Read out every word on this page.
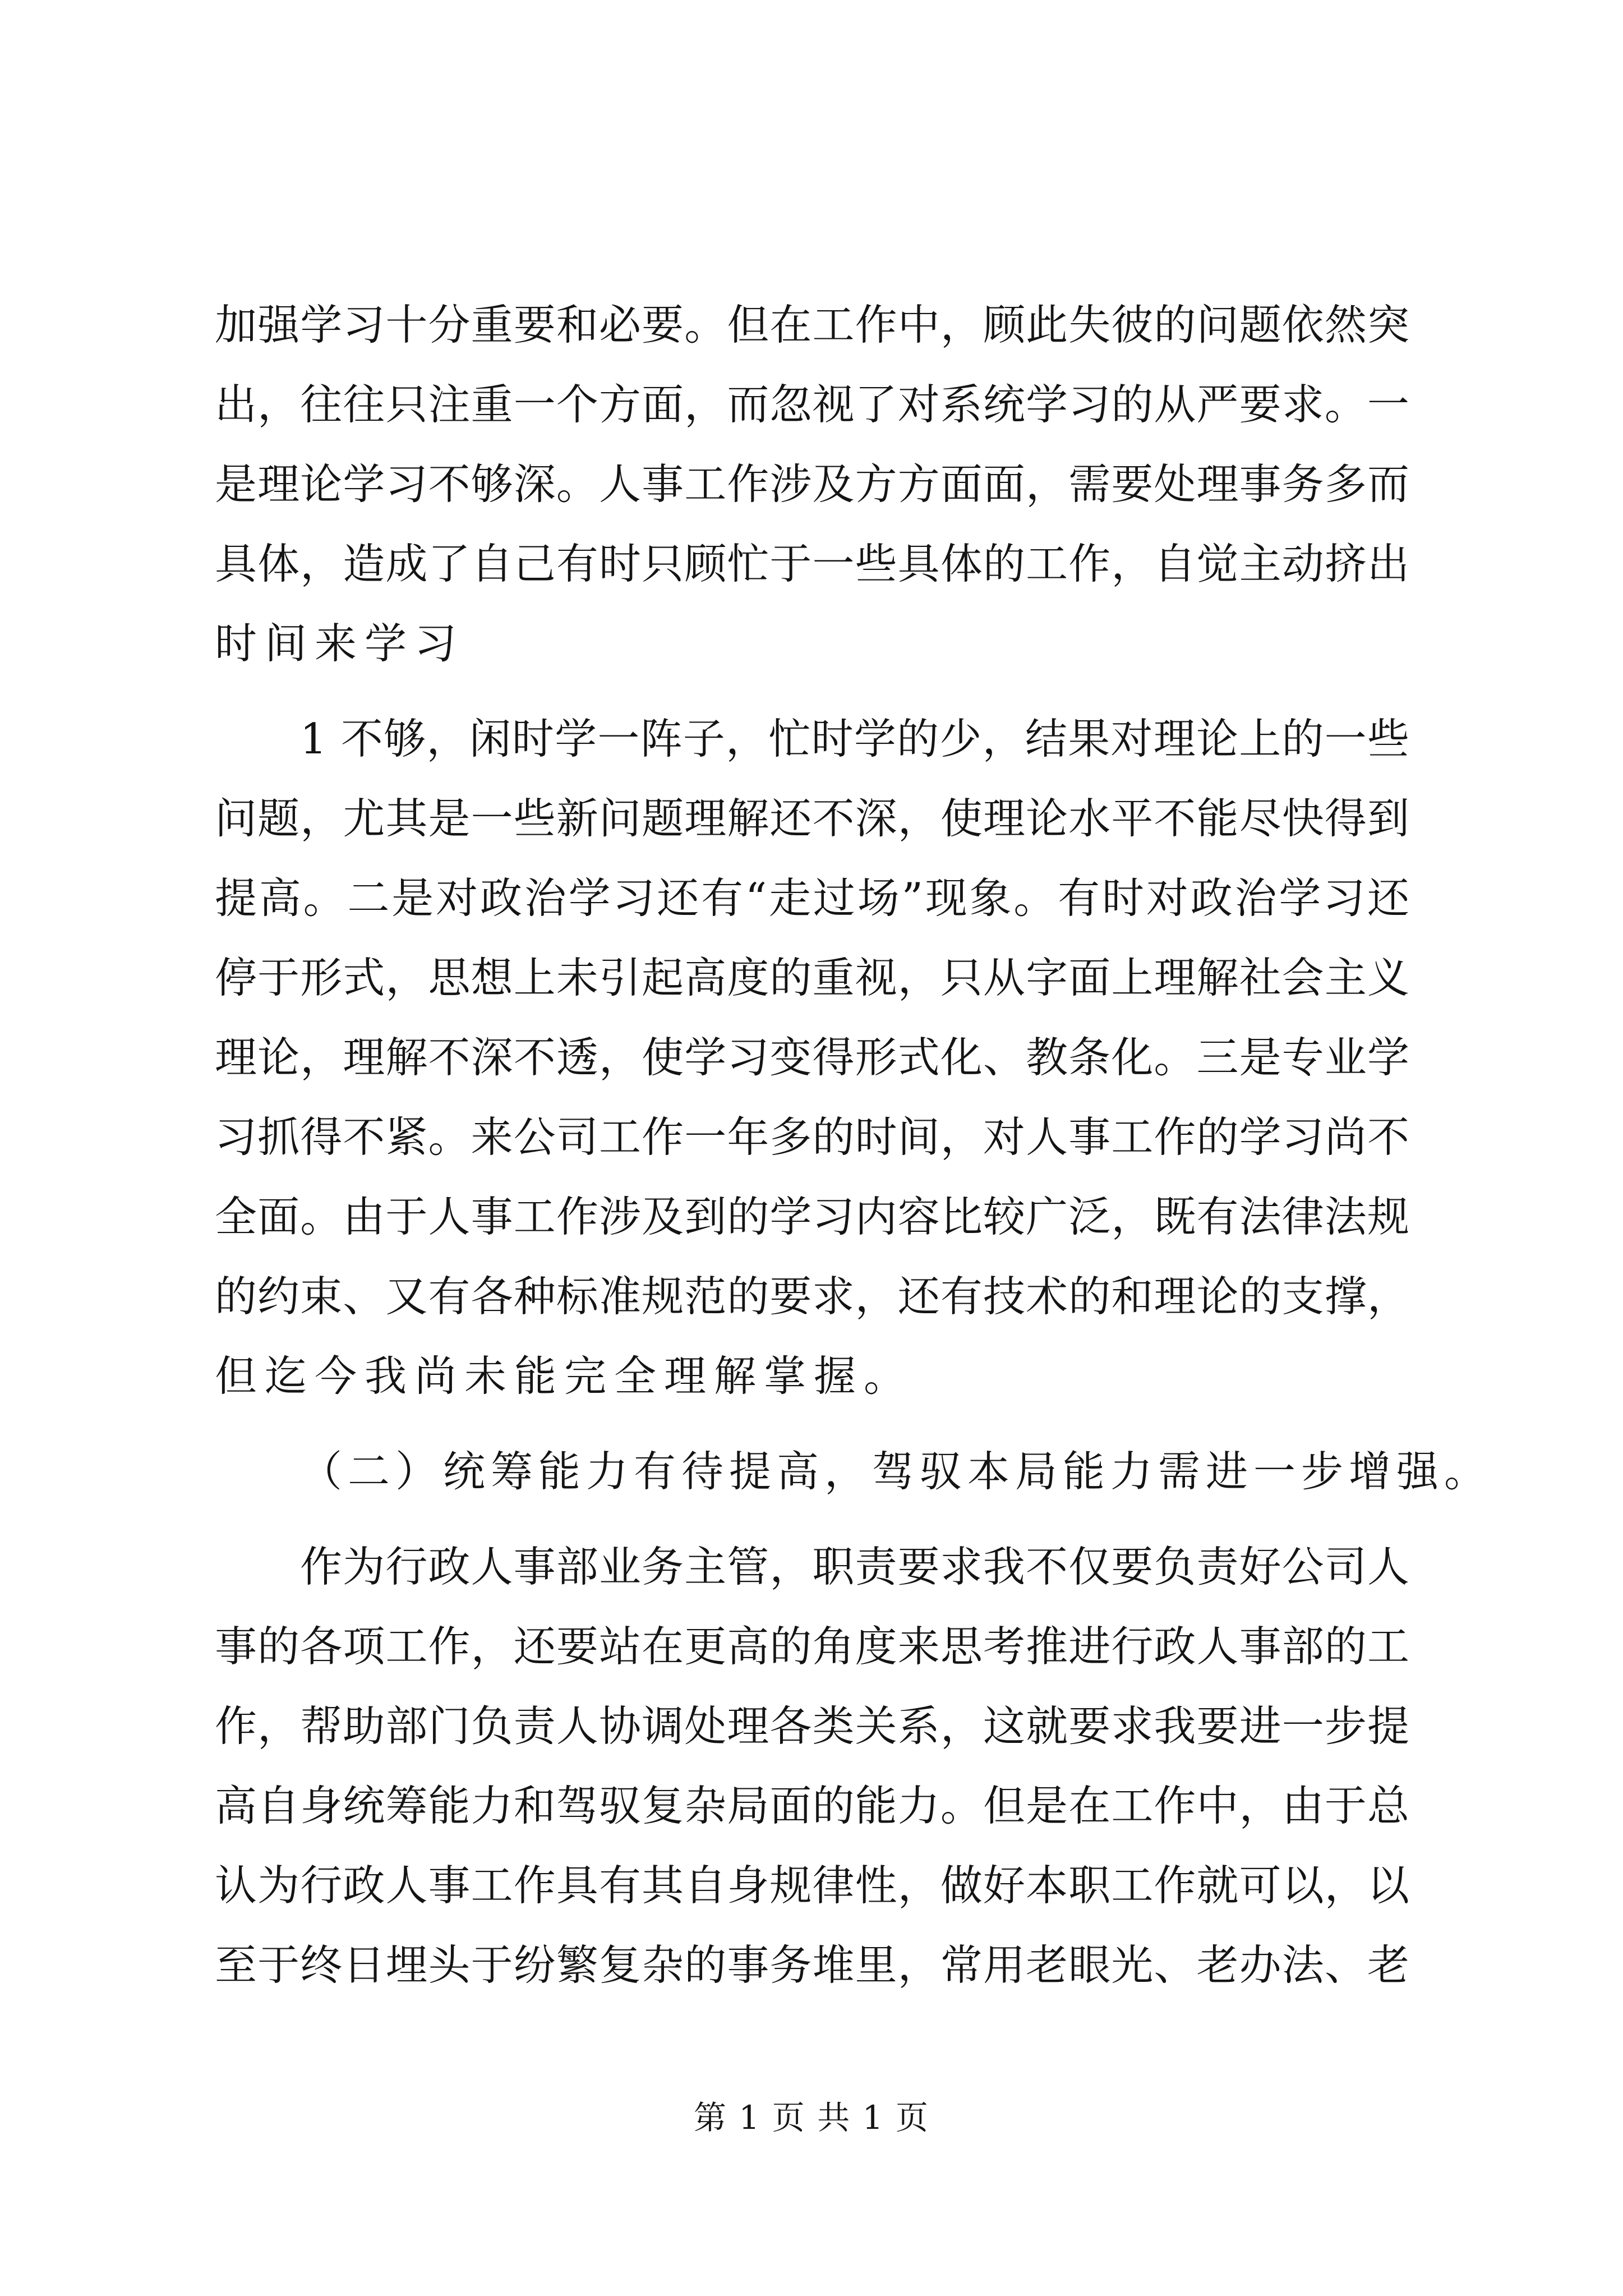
加强学习十分重要和必要。但在工作中，顾此失彼的问题依然突
出，往往只注重一个方面，而忽视了对系统学习的从严要求。一
是理论学习不够深。人事工作涉及方方面面，需要处理事务多而
具体，造成了自己有时只顾忙于一些具体的工作，自觉主动挤出
时间来学习
1 不够，闲时学一阵子，忙时学的少，结果对理论上的一些
问题，尤其是一些新问题理解还不深，使理论水平不能尽快得到
提高。二是对政治学习还有“走过场”现象。有时对政治学习还
停于形式，思想上未引起高度的重视，只从字面上理解社会主义
理论，理解不深不透，使学习变得形式化、教条化。三是专业学
习抓得不紧。来公司工作一年多的时间，对人事工作的学习尚不
全面。由于人事工作涉及到的学习内容比较广泛，既有法律法规
的约束、又有各种标准规范的要求，还有技术的和理论的支撑，
但迄今我尚未能完全理解掌握。
（二）统筹能力有待提高，驾驭本局能力需进一步增强。
作为行政人事部业务主管，职责要求我不仅要负责好公司人
事的各项工作，还要站在更高的角度来思考推进行政人事部的工
作，帮助部门负责人协调处理各类关系，这就要求我要进一步提
高自身统筹能力和驾驭复杂局面的能力。但是在工作中，由于总
认为行政人事工作具有其自身规律性，做好本职工作就可以，以
至于终日埋头于纷繁复杂的事务堆里，常用老眼光、老办法、老
第 1 页 共 1 页
